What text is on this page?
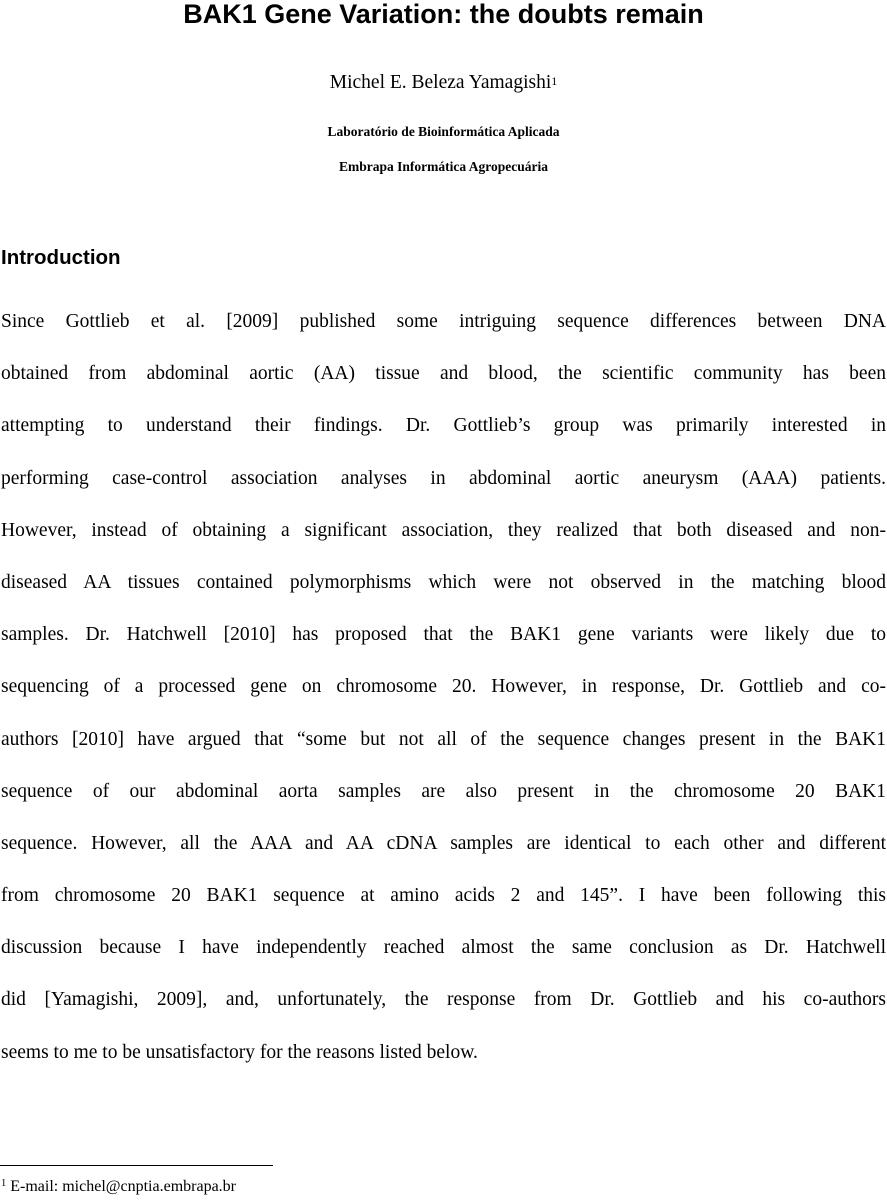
BAK1 Gene Variation: the doubts remain
Michel E. Beleza Yamagishi$^1$
Laboratório de Bioinformática Aplicada
Embrapa Informática Agropecuária
Introduction
Since Gottlieb et al. [2009] published some intriguing sequence differences between DNA
obtained from abdominal aortic (AA) tissue and blood, the scientific community has been
attempting to understand their findings. Dr. Gottlieb’s group was primarily interested in
performing case-control association analyses in abdominal aortic aneurysm (AAA) patients.
However, instead of obtaining a significant association, they realized that both diseased and non-
diseased AA tissues contained polymorphisms which were not observed in the matching blood
samples. Dr. Hatchwell [2010] has proposed that the BAK1 gene variants were likely due to
sequencing of a processed gene on chromosome 20. However, in response, Dr. Gottlieb and co-
authors [2010] have argued that “some but not all of the sequence changes present in the BAK1
sequence of our abdominal aorta samples are also present in the chromosome 20 BAK1
sequence. However, all the AAA and AA cDNA samples are identical to each other and different
from chromosome 20 BAK1 sequence at amino acids 2 and 145”. I have been following this
discussion because I have independently reached almost the same conclusion as Dr. Hatchwell
did [Yamagishi, 2009], and, unfortunately, the response from Dr. Gottlieb and his co-authors
seems to me to be unsatisfactory for the reasons listed below.
$^1$ E-mail: michel@cnptia.embrapa.br
